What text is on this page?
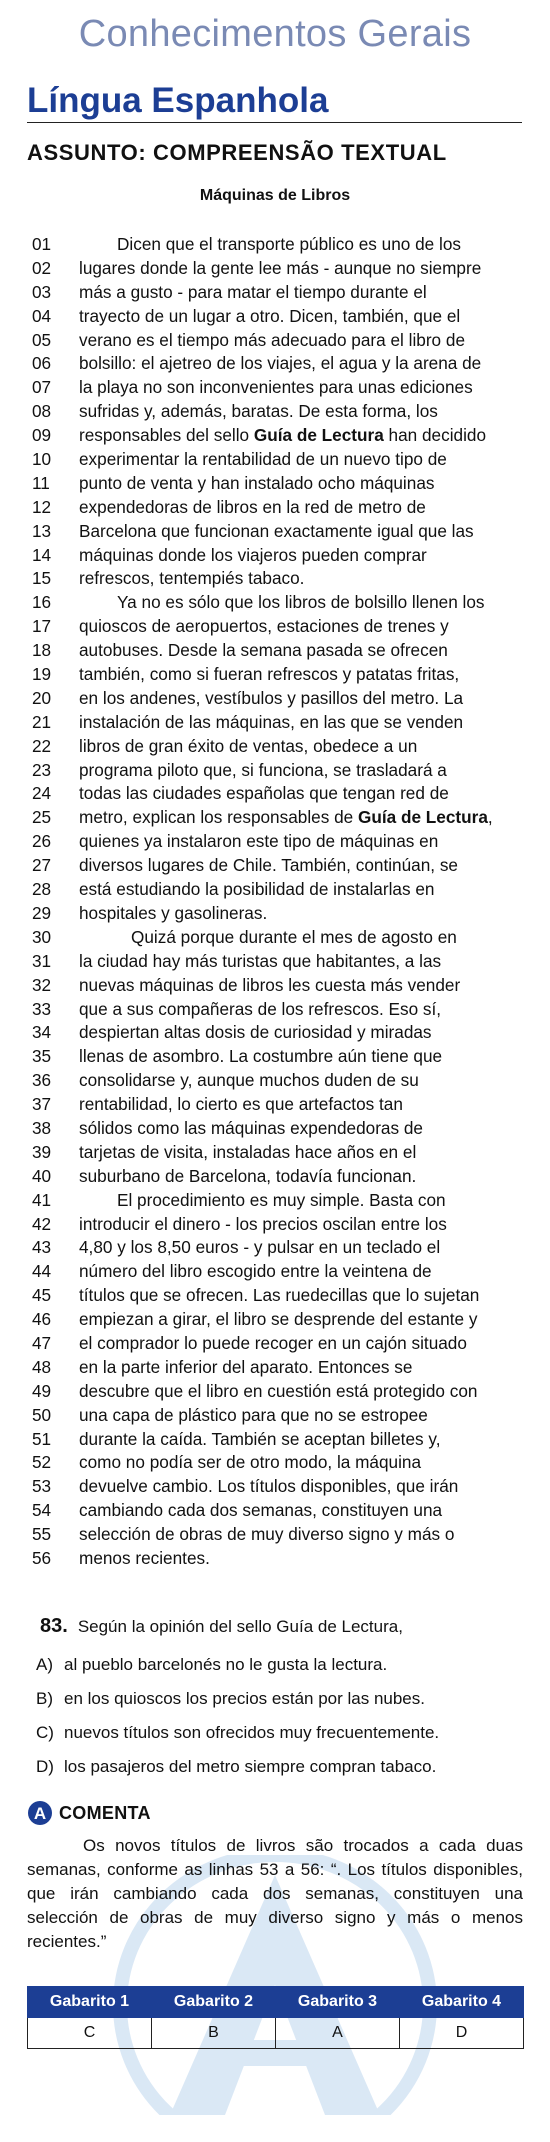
Conhecimentos Gerais
Língua Espanhola
ASSUNTO: COMPREENSÃO TEXTUAL
Máquinas de Libros
01	Dicen que el transporte público es uno de los
02	lugares donde la gente lee más - aunque no siempre
03	más a gusto - para matar el tiempo durante el
04	trayecto de un lugar a otro. Dicen, también, que el
05	verano es el tiempo más adecuado para el libro de
06	bolsillo: el ajetreo de los viajes, el agua y la arena de
07	la playa no son inconvenientes para unas ediciones
08	sufridas y, además, baratas. De esta forma, los
09	responsables del sello Guía de Lectura han decidido
10	experimentar la rentabilidad de un nuevo tipo de
11	punto de venta y han instalado ocho máquinas
12	expendedoras de libros en la red de metro de
13	Barcelona que funcionan exactamente igual que las
14	máquinas donde los viajeros pueden comprar
15	refrescos, tentempiés tabaco.
16	Ya no es sólo que los libros de bolsillo llenen los
17	quioscos de aeropuertos, estaciones de trenes y
18	autobuses. Desde la semana pasada se ofrecen
19	también, como si fueran refrescos y patatas fritas,
20	en los andenes, vestíbulos y pasillos del metro. La
21	instalación de las máquinas, en las que se venden
22	libros de gran éxito de ventas, obedece a un
23	programa piloto que, si funciona, se trasladará a
24	todas las ciudades españolas que tengan red de
25	metro, explican los responsables de Guía de Lectura,
26	quienes ya instalaron este tipo de máquinas en
27	diversos lugares de Chile. También, continúan, se
28	está estudiando la posibilidad de instalarlas en
29	hospitales y gasolineras.
30	Quizá porque durante el mes de agosto en
31	la ciudad hay más turistas que habitantes, a las
32	nuevas máquinas de libros les cuesta más vender
33	que a sus compañeras de los refrescos. Eso sí,
34	despiertan altas dosis de curiosidad y miradas
35	llenas de asombro. La costumbre aún tiene que
36	consolidarse y, aunque muchos duden de su
37	rentabilidad, lo cierto es que artefactos tan
38	sólidos como las máquinas expendedoras de
39	tarjetas de visita, instaladas hace años en el
40	suburbano de Barcelona, todavía funcionan.
41	El procedimiento es muy simple. Basta con
42	introducir el dinero - los precios oscilan entre los
43	4,80 y los 8,50 euros - y pulsar en un teclado el
44	número del libro escogido entre la veintena de
45	títulos que se ofrecen. Las ruedecillas que lo sujetan
46	empiezan a girar, el libro se desprende del estante y
47	el comprador lo puede recoger en un cajón situado
48	en la parte inferior del aparato. Entonces se
49	descubre que el libro en cuestión está protegido con
50	una capa de plástico para que no se estropee
51	durante la caída. También se aceptan billetes y,
52	como no podía ser de otro modo, la máquina
53	devuelve cambio. Los títulos disponibles, que irán
54	cambiando cada dos semanas, constituyen una
55	selección de obras de muy diverso signo y más o
56	menos recientes.
83. Según la opinión del sello Guía de Lectura,
A) al pueblo barcelonés no le gusta la lectura.
B) en los quioscos los precios están por las nubes.
C) nuevos títulos son ofrecidos muy frecuentemente.
D) los pasajeros del metro siempre compran tabaco.
A COMENTA
Os novos títulos de livros são trocados a cada duas semanas, conforme as linhas 53 a 56: “. Los títulos disponibles, que irán cambiando cada dos semanas, constituyen una selección de obras de muy diverso signo y más o menos recientes.”
Gabarito 1	Gabarito 2	Gabarito 3	Gabarito 4
C	B	A	D
